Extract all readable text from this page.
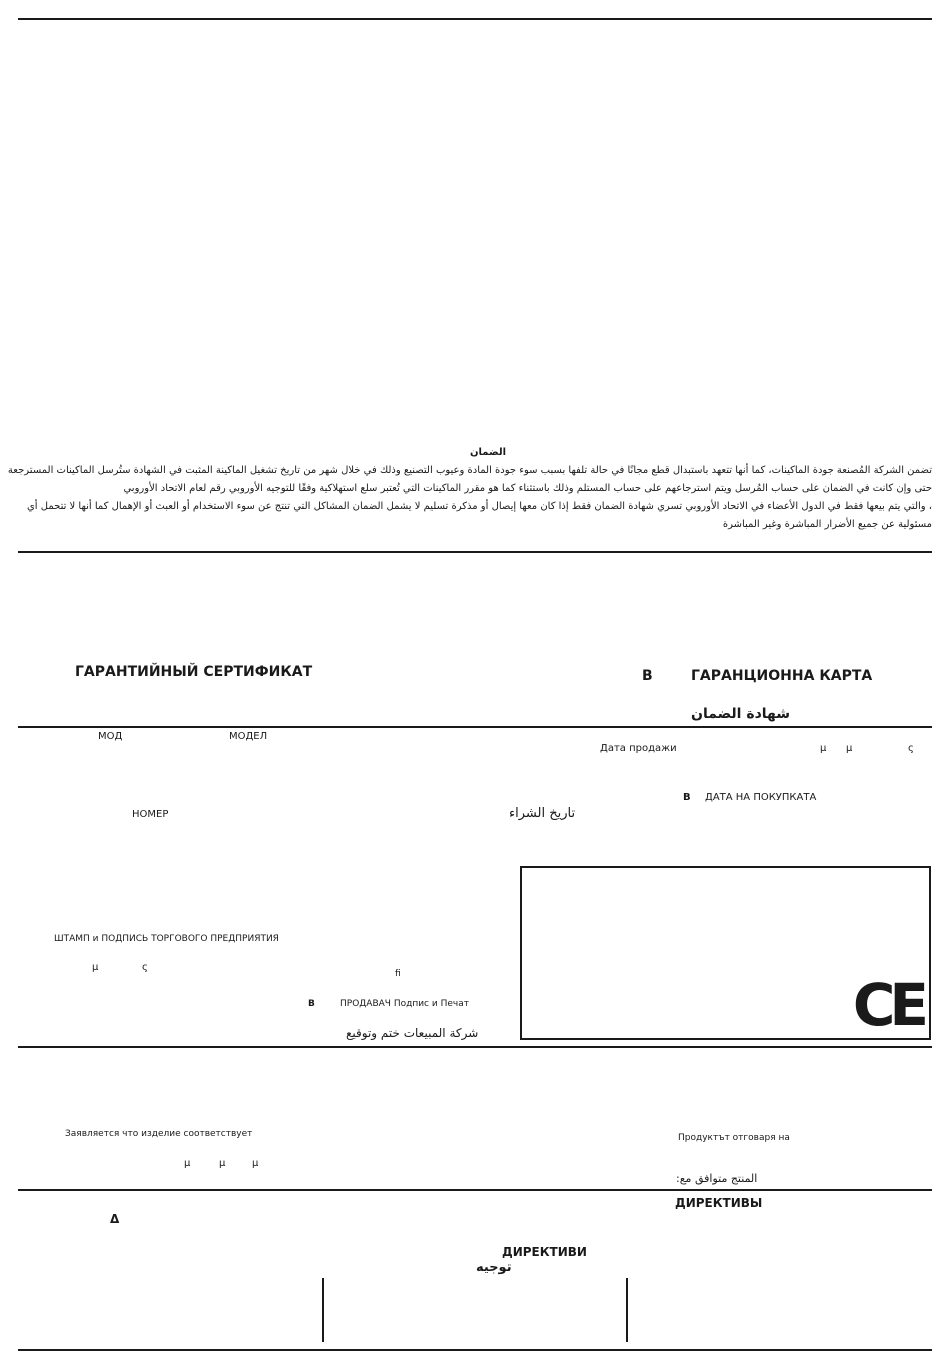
الضمان

تضمن الشركة المُصنعة جودة الماكينات، كما أنها تتعهد باستبدال قطع مجانًا في حالة تلفها بسبب سوء جودة المادة وعيوب التصنيع وذلك في خلال شهر من تاريخ تشغيل الماكينة المثبت في الشهادة ستُرسل الماكينات المسترجعة

حتى وإن كانت في الضمان على حساب المُرسل ويتم استرجاعهم على حساب المستلم وذلك باستثناء كما هو مقرر الماكينات التي تُعتبر سلع استهلاكية وفقًا للتوجيه الأوروبي رقم لعام الاتحاد الأوروبي

، والتي يتم بيعها فقط في الدول الأعضاء في الاتحاد الأوروبي تسري شهادة الضمان فقط إذا كان معها إيصال أو مذكرة تسليم لا يشمل الضمان المشاكل التي تنتج عن سوء الاستخدام أو العبث أو الإهمال كما أنها لا تتحمل أي

مسئولية عن جميع الأضرار المباشرة وغير المباشرة

ГАРАНТИЙНЫЙ СЕРТИФИКАТ	В	ГАРАНЦИОННА КАРТА
شهادة الضمان
МОД	МОДЕЛ
Дата продажи	µ µ	ς
В ДАТА НА ПОКУПКАТА
НОМЕР	تاريخ الشراء
CE
ШТАМП и ПОДПИСЬ ТОРГОВОГО ПРЕДПРИЯТИЯ
µ	ς
fi
В	ПРОДАВАЧ Подпис и Печат
شركة المبيعات ختم وتوقيع
Заявляется что изделие соответствует	Продуктът отговаря на
µ	µ	µ
المنتج متوافق مع:
ДИРЕКТИВЫ
Δ
ДИРЕКТИВИ
توجيه
